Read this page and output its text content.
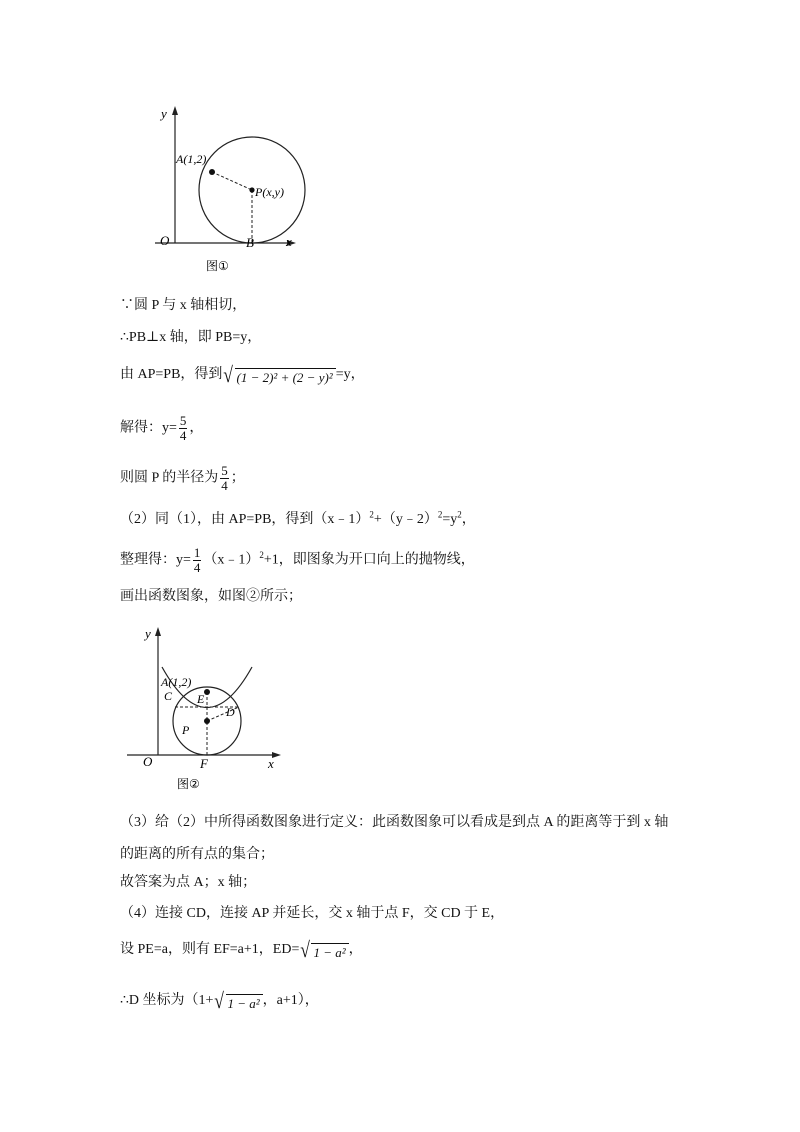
y
A(1,2)
P(x,y)
O	B x
图①
∵圆 P 与 x 轴相切，
∴PB⊥x 轴，即 PB=y，
由 AP=PB，得到 √ (1 − 2)² + (2 − y)² =y，
解得：$y= \frac{5}{4}$ ，
则圆 P 的半径为 $\frac{5}{4}$ ；
（2）同（1），由 AP=PB，得到$(x﹣1)^2+(y﹣2)^2=y^2$，
整理得：$y= \frac{1}{4}$ （x﹣1）$^2$+1，即图象为开口向上的抛物线，
画出函数图象，如图②所示；
y
A(1,2)
C E
D
P
O	F	x
图②
（3）给（2）中所得函数图象进行定义：此函数图象可以看成是到点 A 的距离等于到 x 轴
的距离的所有点的集合；
故答案为点 A；x 轴；
（4）连接 CD，连接 AP 并延长，交 x 轴于点 F，交 CD 于 E，
设 PE=a，则有 EF=a+1，ED= √ 1 − a² ，
∴D 坐标为（1+ √ 1 − a² ，a+1），
